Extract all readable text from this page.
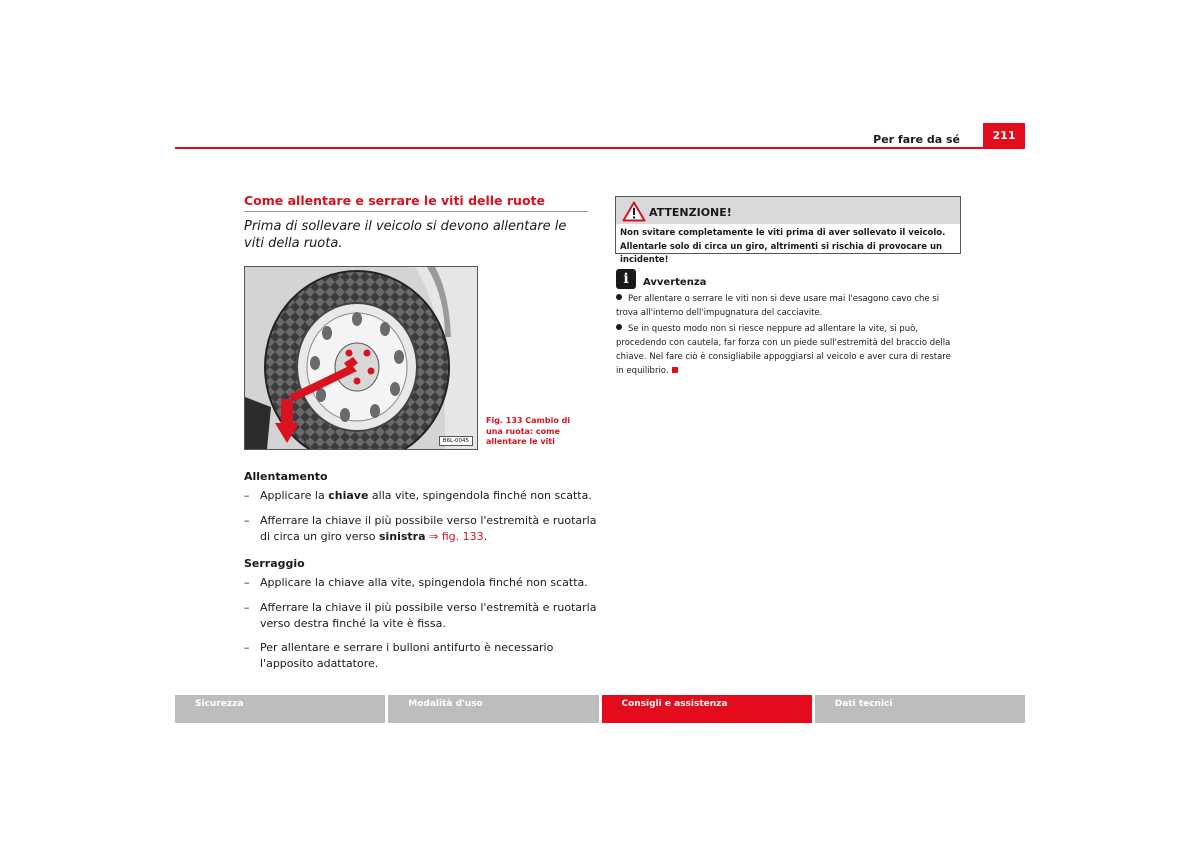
Per fare da sé	211
Come allentare e serrare le viti delle ruote
Prima di sollevare il veicolo si devono allentare le viti della ruota.
B6L-0045
Fig. 133 Cambio di una ruota: come allentare le viti
Allentamento
– Applicare la chiave alla vite, spingendola finché non scatta.
– Afferrare la chiave il più possibile verso l'estremità e ruotarla di circa un giro verso sinistra ⇒ fig. 133.
Serraggio
– Applicare la chiave alla vite, spingendola finché non scatta.
– Afferrare la chiave il più possibile verso l'estremità e ruotarla verso destra finché la vite è fissa.
– Per allentare e serrare i bulloni antifurto è necessario l'apposito adattatore.
ATTENZIONE!
Non svitare completamente le viti prima di aver sollevato il veicolo. Allentarle solo di circa un giro, altrimenti si rischia di provocare un incidente!
i	Avvertenza
Per allentare o serrare le viti non si deve usare mai l'esagono cavo che si trova all'interno dell'impugnatura del cacciavite.
Se in questo modo non si riesce neppure ad allentare la vite, si può, procedendo con cautela, far forza con un piede sull'estremità del braccio della chiave. Nel fare ciò è consigliabile appoggiarsi al veicolo e aver cura di restare in equilibrio.
Sicurezza	Modalità d'uso	Consigli e assistenza	Dati tecnici
